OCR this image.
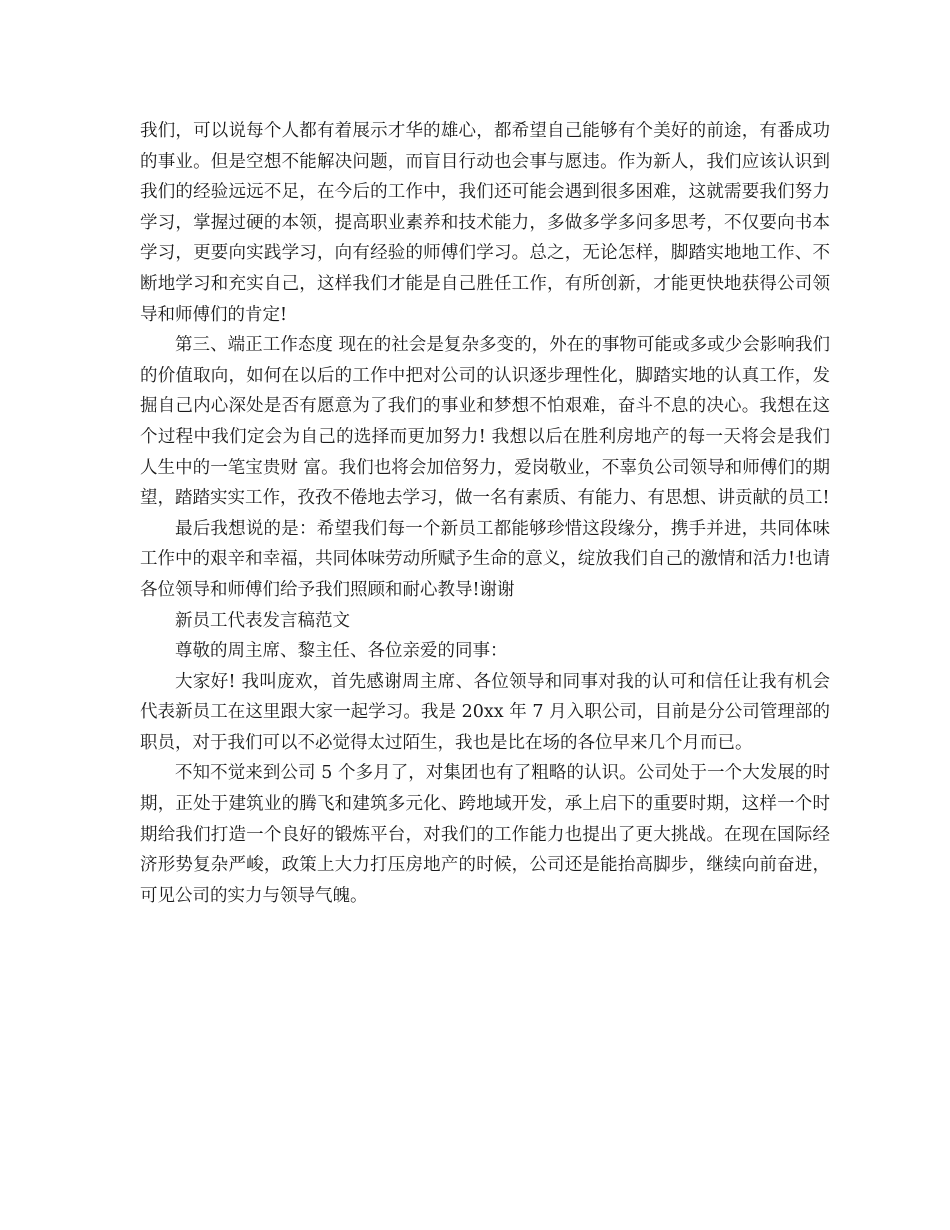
我们，可以说每个人都有着展示才华的雄心，都希望自己能够有个美好的前途，有番成功的事业。但是空想不能解决问题，而盲目行动也会事与愿违。作为新人，我们应该认识到我们的经验远远不足，在今后的工作中，我们还可能会遇到很多困难，这就需要我们努力学习，掌握过硬的本领，提高职业素养和技术能力，多做多学多问多思考，不仅要向书本学习，更要向实践学习，向有经验的师傅们学习。总之，无论怎样，脚踏实地地工作、不断地学习和充实自己，这样我们才能是自己胜任工作，有所创新，才能更快地获得公司领导和师傅们的肯定!

第三、端正工作态度 现在的社会是复杂多变的，外在的事物可能或多或少会影响我们的价值取向，如何在以后的工作中把对公司的认识逐步理性化，脚踏实地的认真工作，发掘自己内心深处是否有愿意为了我们的事业和梦想不怕艰难，奋斗不息的决心。我想在这个过程中我们定会为自己的选择而更加努力! 我想以后在胜利房地产的每一天将会是我们人生中的一笔宝贵财 富。我们也将会加倍努力，爱岗敬业，不辜负公司领导和师傅们的期望，踏踏实实工作，孜孜不倦地去学习，做一名有素质、有能力、有思想、讲贡献的员工!

最后我想说的是：希望我们每一个新员工都能够珍惜这段缘分，携手并进，共同体味工作中的艰辛和幸福，共同体味劳动所赋予生命的意义，绽放我们自己的激情和活力!也请各位领导和师傅们给予我们照顾和耐心教导!谢谢

新员工代表发言稿范文

尊敬的周主席、黎主任、各位亲爱的同事：

大家好! 我叫庞欢，首先感谢周主席、各位领导和同事对我的认可和信任让我有机会代表新员工在这里跟大家一起学习。我是 20xx 年 7 月入职公司，目前是分公司管理部的职员，对于我们可以不必觉得太过陌生，我也是比在场的各位早来几个月而已。

不知不觉来到公司 5 个多月了，对集团也有了粗略的认识。公司处于一个大发展的时期，正处于建筑业的腾飞和建筑多元化、跨地域开发，承上启下的重要时期，这样一个时期给我们打造一个良好的锻炼平台，对我们的工作能力也提出了更大挑战。在现在国际经济形势复杂严峻，政策上大力打压房地产的时候，公司还是能抬高脚步，继续向前奋进，可见公司的实力与领导气魄。
